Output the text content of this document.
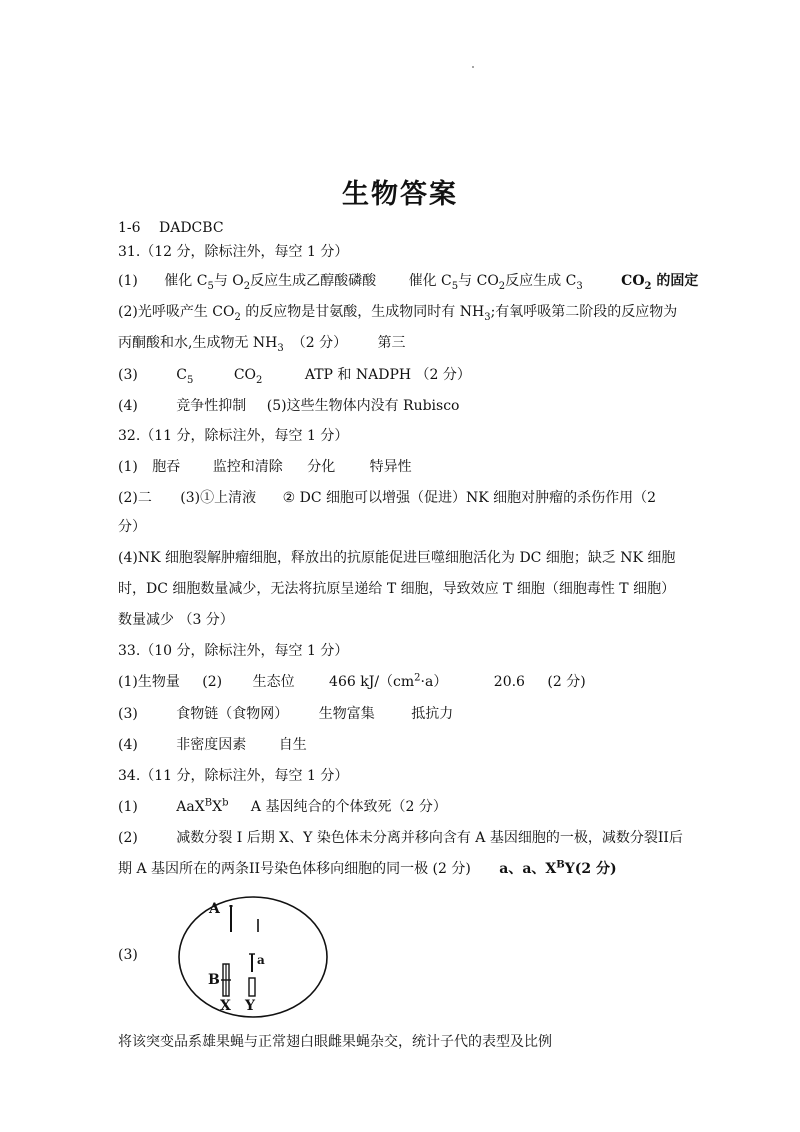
生物答案
1-6 DADCBC
31.（12 分，除标注外，每空 1 分）
(1) 催化 $C_5$与 $O_2$反应生成乙醇酸磷酸 催化 $C_5$与 $CO_2$反应生成 $C_3$	$CO_2$ 的固定
(2)光呼吸产生 $CO_2$ 的反应物是甘氨酸，生成物同时有 $NH_3$;有氧呼吸第二阶段的反应物为
丙酮酸和水,生成物无 $NH_3$ （2 分） 第三
(3)	$C_5$	$CO_2$	ATP 和 NADPH （2 分）
(4)	竞争性抑制 (5)这些生物体内没有 Rubisco
32.（11 分，除标注外，每空 1 分）
(1) 胞吞 监控和清除 分化 特异性
(2)二 (3)①上清液 ② DC 细胞可以增强（促进）NK 细胞对肿瘤的杀伤作用（2
分）
(4)NK 细胞裂解肿瘤细胞，释放出的抗原能促进巨噬细胞活化为 DC 细胞；缺乏 NK 细胞
时，DC 细胞数量减少，无法将抗原呈递给 T 细胞，导致效应 T 细胞（细胞毒性 T 细胞）
数量减少 （3 分）
33.（10 分，除标注外，每空 1 分）
(1)生物量 (2) 生态位 466 $kJ/(cm^2\cdot a)$	20.6 (2 分)
(3)	食物链（食物网） 生物富集	抵抗力
(4)	非密度因素 自生
34.（11 分，除标注外，每空 1 分）
(1)	$AaX^BX^b$ A 基因纯合的个体致死（2 分）
(2)	减数分裂 I 后期 X、Y 染色体未分离并移向含有 A 基因细胞的一极，减数分裂II后
期 A 基因所在的两条II号染色体移向细胞的同一极 (2 分) a、a、$X^BY(2$ 分)
(3)
A
B
a
X Y
将该突变品系雄果蝇与正常翅白眼雌果蝇杂交，统计子代的表型及比例
